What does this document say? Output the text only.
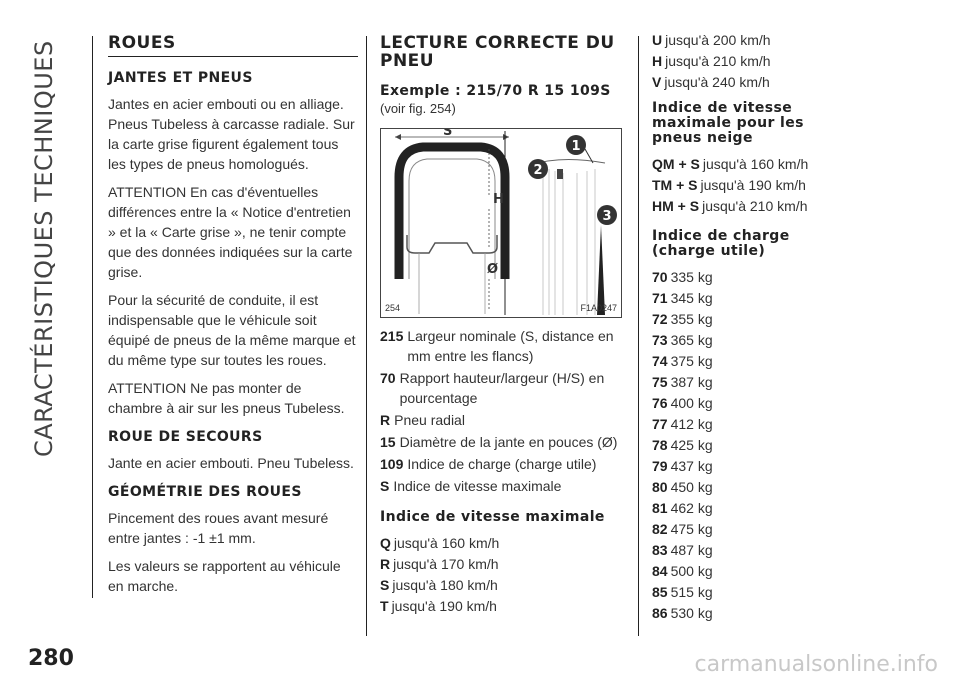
CARACTÉRISTIQUES TECHNIQUES
280	carmanualsonline.info
ROUES
JANTES ET PNEUS

Jantes en acier embouti ou en alliage. Pneus Tubeless à carcasse radiale. Sur la carte grise figurent également tous les types de pneus homologués.

ATTENTION En cas d'éventuelles différences entre la « Notice d'entretien » et la « Carte grise », ne tenir compte que des données indiquées sur la carte grise.

Pour la sécurité de conduite, il est indispensable que le véhicule soit équipé de pneus de la même marque et du même type sur toutes les roues.

ATTENTION Ne pas monter de chambre à air sur les pneus Tubeless.

ROUE DE SECOURS

Jante en acier embouti. Pneu Tubeless.

GÉOMÉTRIE DES ROUES

Pincement des roues avant mesuré entre jantes : -1 ±1 mm.

Les valeurs se rapportent au véhicule en marche.

LECTURE CORRECTE DU PNEU
Exemple : 215/70 R 15 109S (voir fig. 254)
S
H
Ø
1
2
3
254	F1A0247
215 Largeur nominale (S, distance en mm entre les flancs)
70 Rapport hauteur/largeur (H/S) en pourcentage
R Pneu radial
15 Diamètre de la jante en pouces (Ø)
109 Indice de charge (charge utile)
S Indice de vitesse maximale
Indice de vitesse maximale
Q jusqu'à 160 km/h
R jusqu'à 170 km/h
S jusqu'à 180 km/h
T jusqu'à 190 km/h
U jusqu'à 200 km/h
H jusqu'à 210 km/h
V jusqu'à 240 km/h
Indice de vitesse maximale pour les pneus neige
QM + S jusqu'à 160 km/h
TM + S jusqu'à 190 km/h
HM + S jusqu'à 210 km/h
Indice de charge (charge utile)
70 335 kg
71 345 kg
72 355 kg
73 365 kg
74 375 kg
75 387 kg
76 400 kg
77 412 kg
78 425 kg
79 437 kg
80 450 kg
81 462 kg
82 475 kg
83 487 kg
84 500 kg
85 515 kg
86 530 kg
